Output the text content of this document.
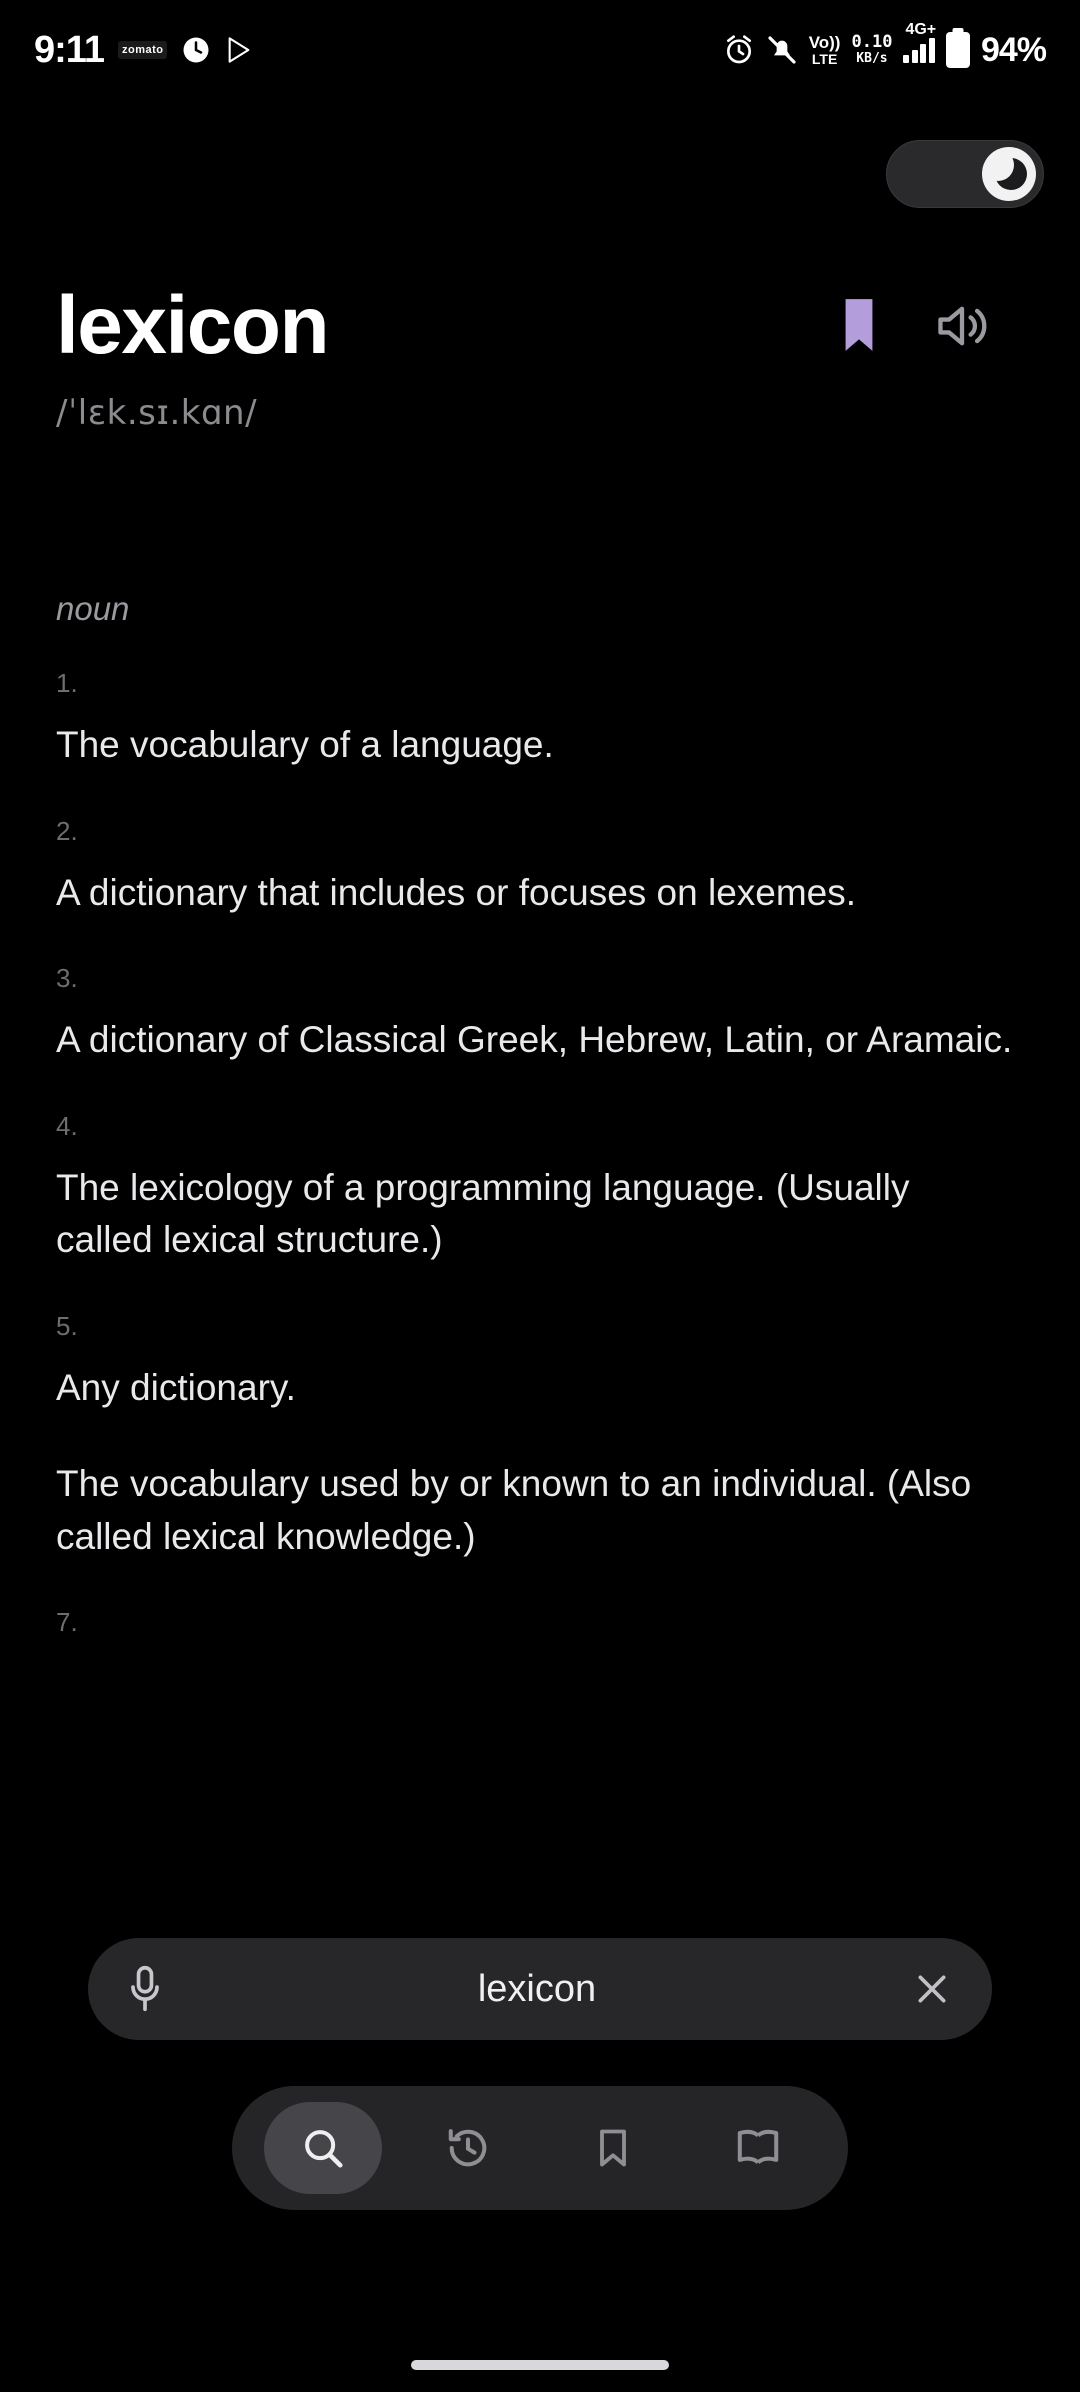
9:11	zomato	Vo))
LTE
0.10
KB/s
4G+
94%
lexicon
/ˈlɛk.sɪ.kɑn/
noun
1.
The vocabulary of a language.
2.
A dictionary that includes or focuses on lexemes.
3.
A dictionary of Classical Greek, Hebrew, Latin, or Aramaic.
4.
The lexicology of a programming language. (Usually called lexical structure.)
5.
Any dictionary.
The vocabulary used by or known to an individual. (Also called lexical knowledge.)
7.
lexicon
